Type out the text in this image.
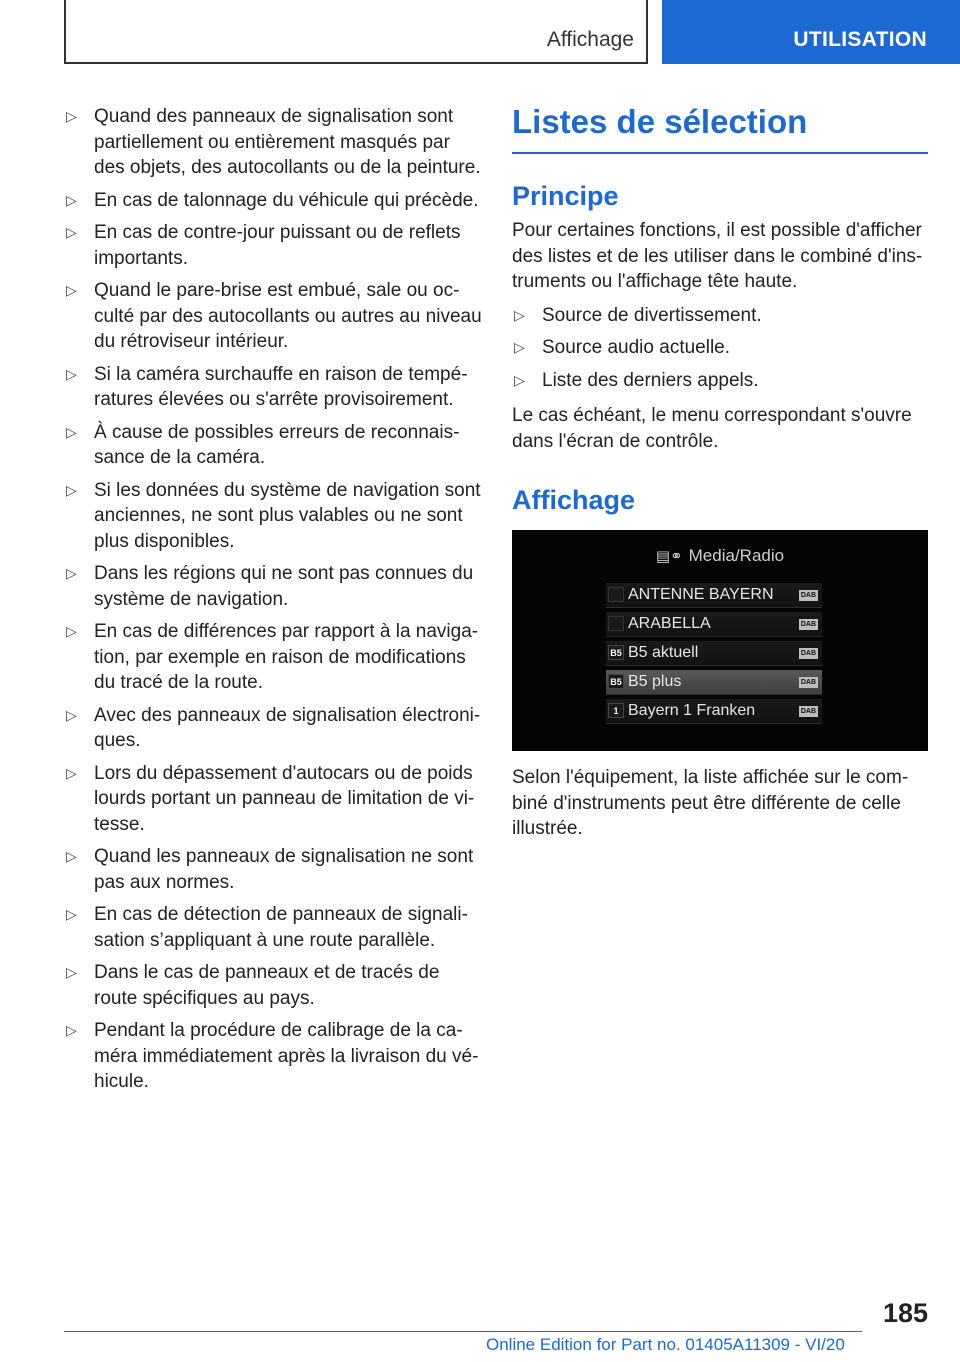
Affichage	UTILISATION
▷ Quand des panneaux de signalisation sont partiellement ou entièrement masqués par des objets, des autocollants ou de la peinture.
▷ En cas de talonnage du véhicule qui précède.
▷ En cas de contre-jour puissant ou de reflets importants.
▷ Quand le pare-brise est embué, sale ou occulté par des autocollants ou autres au niveau du rétroviseur intérieur.
▷ Si la caméra surchauffe en raison de températures élevées ou s'arrête provisoirement.
▷ À cause de possibles erreurs de reconnaissance de la caméra.
▷ Si les données du système de navigation sont anciennes, ne sont plus valables ou ne sont plus disponibles.
▷ Dans les régions qui ne sont pas connues du système de navigation.
▷ En cas de différences par rapport à la navigation, par exemple en raison de modifications du tracé de la route.
▷ Avec des panneaux de signalisation électroniques.
▷ Lors du dépassement d'autocars ou de poids lourds portant un panneau de limitation de vitesse.
▷ Quand les panneaux de signalisation ne sont pas aux normes.
▷ En cas de détection de panneaux de signalisation s’appliquant à une route parallèle.
▷ Dans le cas de panneaux et de tracés de route spécifiques au pays.
▷ Pendant la procédure de calibrage de la caméra immédiatement après la livraison du véhicule.
Listes de sélection
Principe

Pour certaines fonctions, il est possible d'afficher des listes et de les utiliser dans le combiné d'instruments ou l'affichage tête haute.

▷ Source de divertissement.
▷ Source audio actuelle.
▷ Liste des derniers appels.

Le cas échéant, le menu correspondant s'ouvre dans l'écran de contrôle.

Affichage
▤⚭ Media/Radio
ANTENNE BAYERN	DAB
ARABELLA	DAB
B5 B5 aktuell	DAB
B5 B5 plus	DAB
1 Bayern 1 Franken	DAB

Selon l'équipement, la liste affichée sur le combiné d'instruments peut être différente de celle illustrée.

185
Online Edition for Part no. 01405A11309 - VI/20
